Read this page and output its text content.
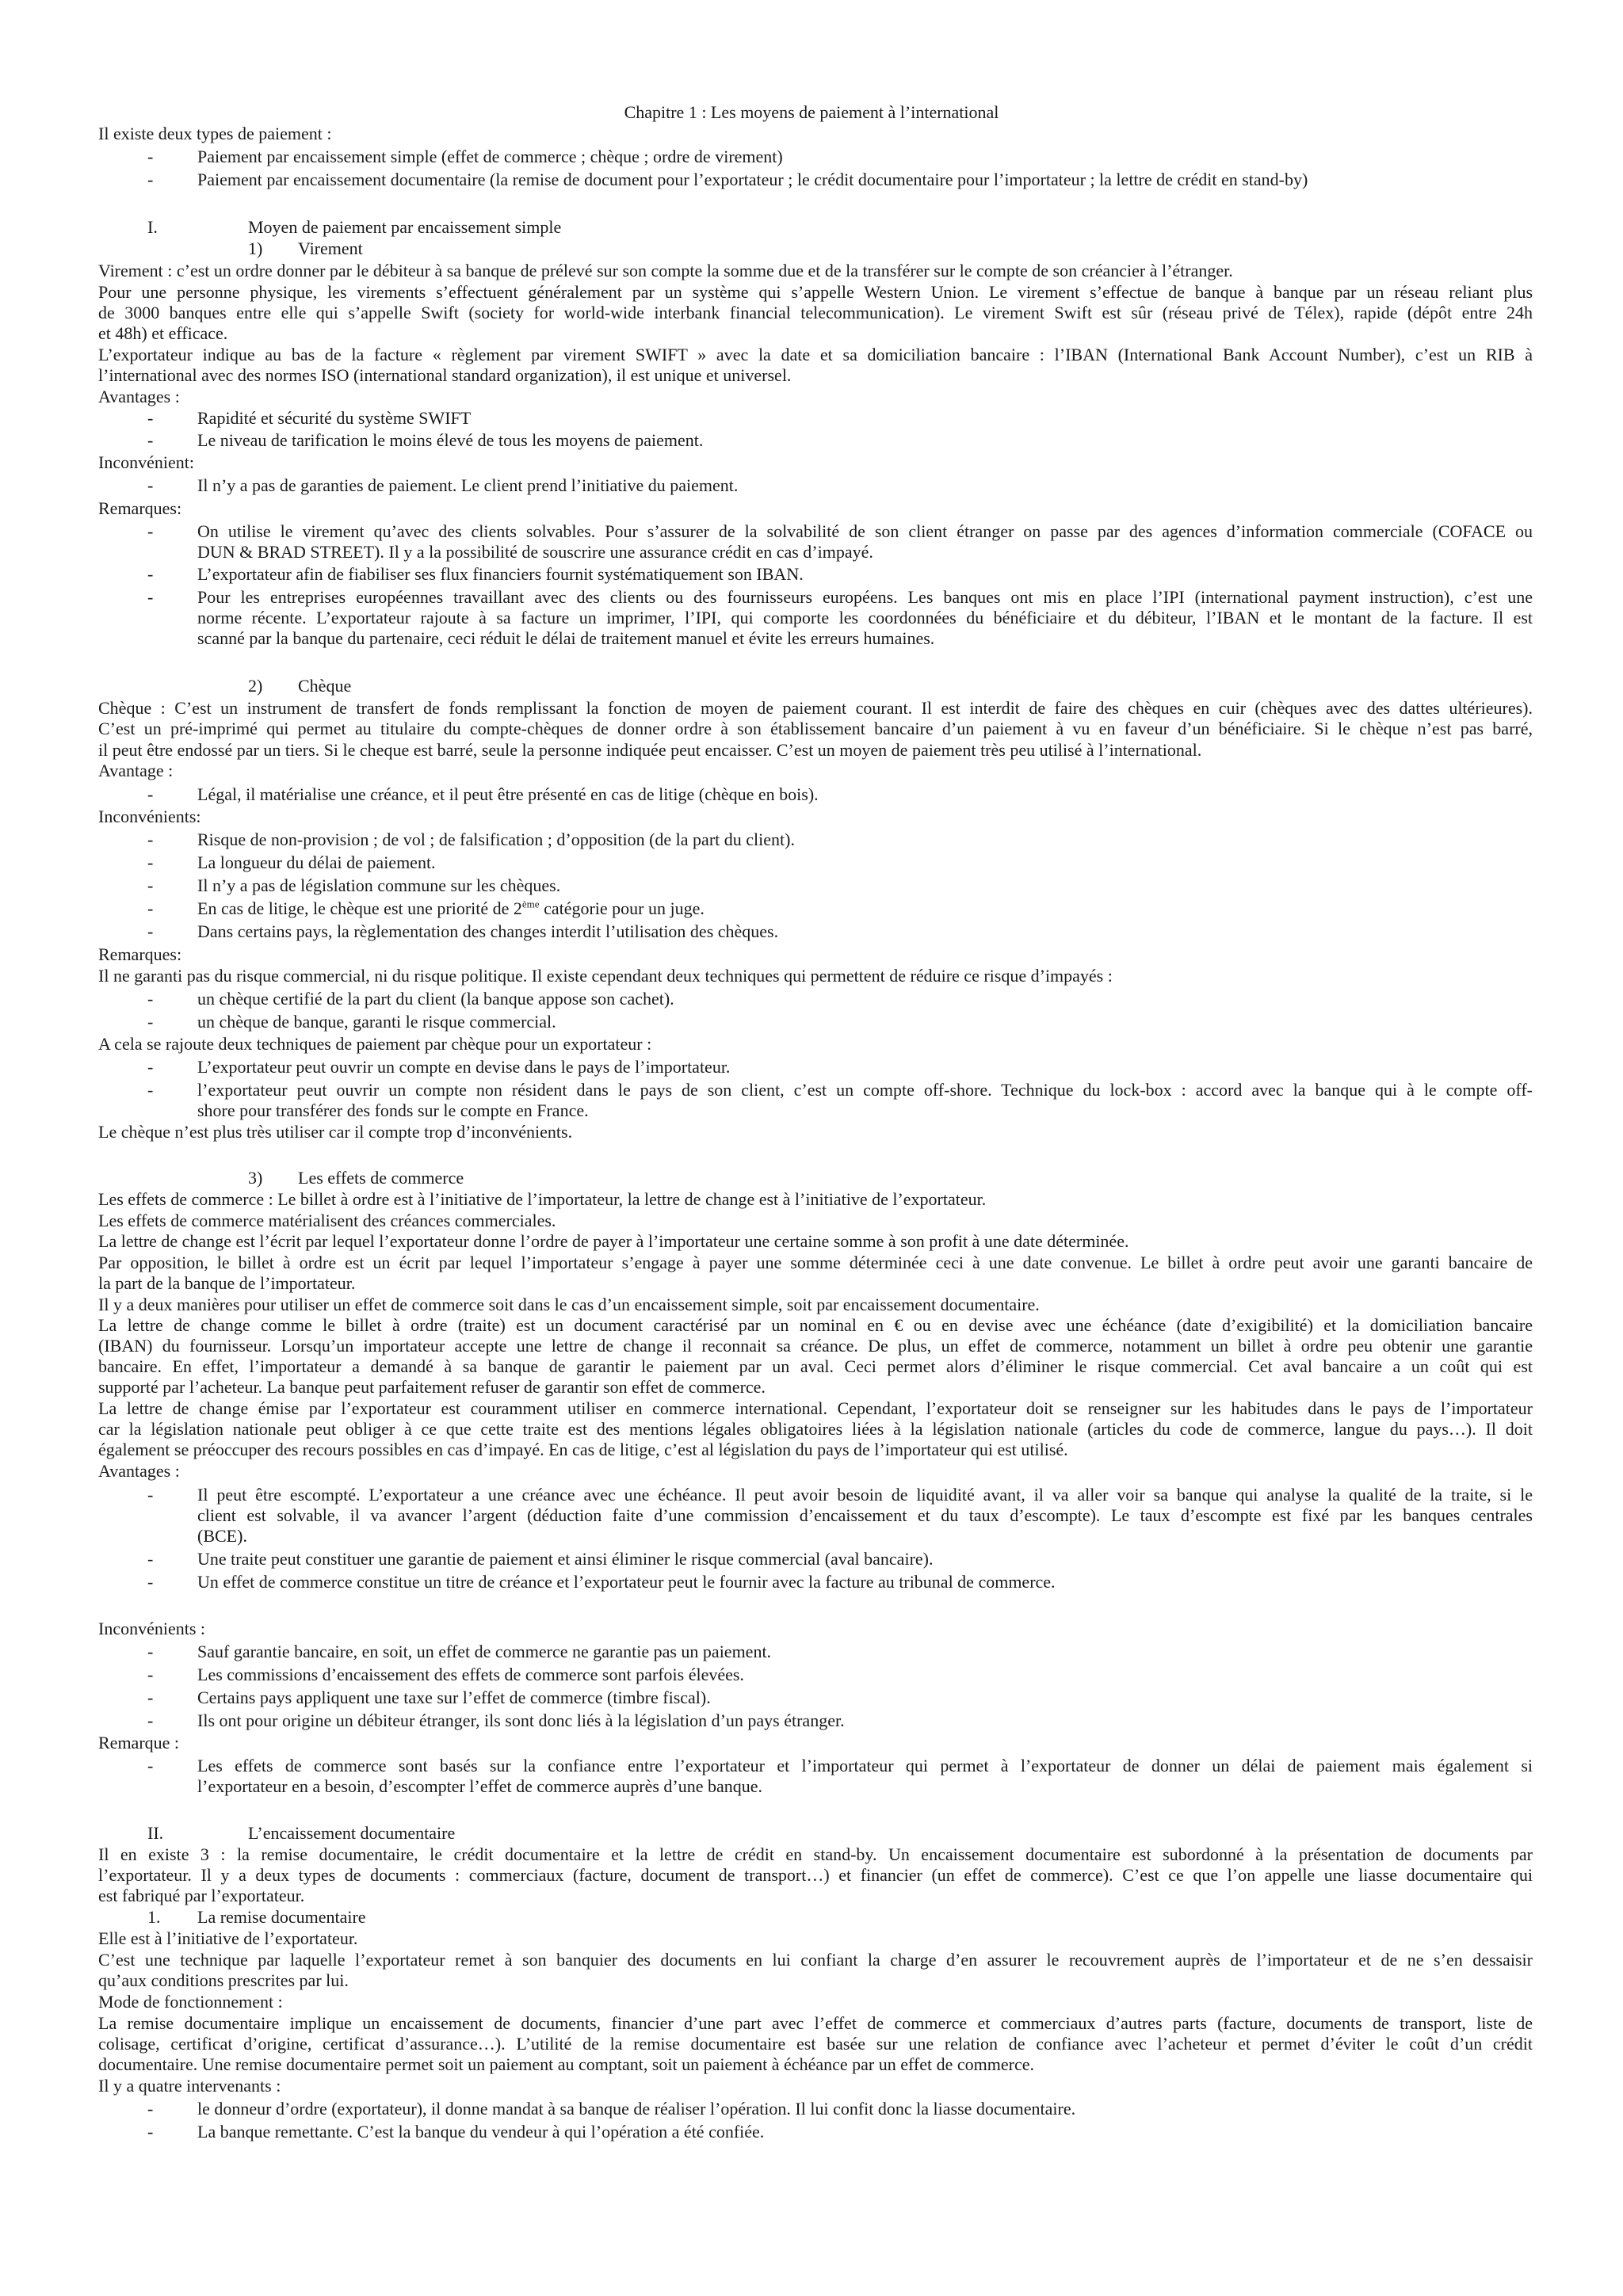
Chapitre 1 : Les moyens de paiement à l’international
Il existe deux types de paiement :
-	Paiement par encaissement simple (effet de commerce ; chèque ; ordre de virement)
-	Paiement par encaissement documentaire (la remise de document pour l’exportateur ; le crédit documentaire pour l’importateur ; la lettre de crédit en stand-by)
I.	Moyen de paiement par encaissement simple
1) Virement
Virement : c’est un ordre donner par le débiteur à sa banque de prélevé sur son compte la somme due et de la transférer sur le compte de son créancier à l’étranger.
Pour une personne physique, les virements s’effectuent généralement par un système qui s’appelle Western Union. Le virement s’effectue de banque à banque par un réseau reliant plus
de 3000 banques entre elle qui s’appelle Swift (society for world-wide interbank financial telecommunication). Le virement Swift est sûr (réseau privé de Télex), rapide (dépôt entre 24h
et 48h) et efficace.
L’exportateur indique au bas de la facture « règlement par virement SWIFT » avec la date et sa domiciliation bancaire : l’IBAN (International Bank Account Number), c’est un RIB à
l’international avec des normes ISO (international standard organization), il est unique et universel.
Avantages :
-	Rapidité et sécurité du système SWIFT
-	Le niveau de tarification le moins élevé de tous les moyens de paiement.
Inconvénient:
-	Il n’y a pas de garanties de paiement. Le client prend l’initiative du paiement.
Remarques:
-	On utilise le virement qu’avec des clients solvables. Pour s’assurer de la solvabilité de son client étranger on passe par des agences d’information commerciale (COFACE ou
DUN & BRAD STREET). Il y a la possibilité de souscrire une assurance crédit en cas d’impayé.
-	L’exportateur afin de fiabiliser ses flux financiers fournit systématiquement son IBAN.
-	Pour les entreprises européennes travaillant avec des clients ou des fournisseurs européens. Les banques ont mis en place l’IPI (international payment instruction), c’est une
norme récente. L’exportateur rajoute à sa facture un imprimer, l’IPI, qui comporte les coordonnées du bénéficiaire et du débiteur, l’IBAN et le montant de la facture. Il est
scanné par la banque du partenaire, ceci réduit le délai de traitement manuel et évite les erreurs humaines.
2) Chèque
Chèque : C’est un instrument de transfert de fonds remplissant la fonction de moyen de paiement courant. Il est interdit de faire des chèques en cuir (chèques avec des dattes ultérieures).
C’est un pré-imprimé qui permet au titulaire du compte-chèques de donner ordre à son établissement bancaire d’un paiement à vu en faveur d’un bénéficiaire. Si le chèque n’est pas barré,
il peut être endossé par un tiers. Si le cheque est barré, seule la personne indiquée peut encaisser. C’est un moyen de paiement très peu utilisé à l’international.
Avantage :
-	Légal, il matérialise une créance, et il peut être présenté en cas de litige (chèque en bois).
Inconvénients:
-	Risque de non-provision ; de vol ; de falsification ; d’opposition (de la part du client).
-	La longueur du délai de paiement.
-	Il n’y a pas de législation commune sur les chèques.
-	En cas de litige, le chèque est une priorité de 2ème catégorie pour un juge.
-	Dans certains pays, la règlementation des changes interdit l’utilisation des chèques.
Remarques:
Il ne garanti pas du risque commercial, ni du risque politique. Il existe cependant deux techniques qui permettent de réduire ce risque d’impayés :
-	un chèque certifié de la part du client (la banque appose son cachet).
-	un chèque de banque, garanti le risque commercial.
A cela se rajoute deux techniques de paiement par chèque pour un exportateur :
-	L’exportateur peut ouvrir un compte en devise dans le pays de l’importateur.
-	l’exportateur peut ouvrir un compte non résident dans le pays de son client, c’est un compte off-shore. Technique du lock-box : accord avec la banque qui à le compte off-
shore pour transférer des fonds sur le compte en France.
Le chèque n’est plus très utiliser car il compte trop d’inconvénients.
3) Les effets de commerce
Les effets de commerce : Le billet à ordre est à l’initiative de l’importateur, la lettre de change est à l’initiative de l’exportateur.
Les effets de commerce matérialisent des créances commerciales.
La lettre de change est l’écrit par lequel l’exportateur donne l’ordre de payer à l’importateur une certaine somme à son profit à une date déterminée.
Par opposition, le billet à ordre est un écrit par lequel l’importateur s’engage à payer une somme déterminée ceci à une date convenue. Le billet à ordre peut avoir une garanti bancaire de
la part de la banque de l’importateur.
Il y a deux manières pour utiliser un effet de commerce soit dans le cas d’un encaissement simple, soit par encaissement documentaire.
La lettre de change comme le billet à ordre (traite) est un document caractérisé par un nominal en € ou en devise avec une échéance (date d’exigibilité) et la domiciliation bancaire
(IBAN) du fournisseur. Lorsqu’un importateur accepte une lettre de change il reconnait sa créance. De plus, un effet de commerce, notamment un billet à ordre peu obtenir une garantie
bancaire. En effet, l’importateur a demandé à sa banque de garantir le paiement par un aval. Ceci permet alors d’éliminer le risque commercial. Cet aval bancaire a un coût qui est
supporté par l’acheteur. La banque peut parfaitement refuser de garantir son effet de commerce.
La lettre de change émise par l’exportateur est couramment utiliser en commerce international. Cependant, l’exportateur doit se renseigner sur les habitudes dans le pays de l’importateur
car la législation nationale peut obliger à ce que cette traite est des mentions légales obligatoires liées à la législation nationale (articles du code de commerce, langue du pays…). Il doit
également se préoccuper des recours possibles en cas d’impayé. En cas de litige, c’est al législation du pays de l’importateur qui est utilisé.
Avantages :
-	Il peut être escompté. L’exportateur a une créance avec une échéance. Il peut avoir besoin de liquidité avant, il va aller voir sa banque qui analyse la qualité de la traite, si le
client est solvable, il va avancer l’argent (déduction faite d’une commission d’encaissement et du taux d’escompte). Le taux d’escompte est fixé par les banques centrales
(BCE).
-	Une traite peut constituer une garantie de paiement et ainsi éliminer le risque commercial (aval bancaire).
-	Un effet de commerce constitue un titre de créance et l’exportateur peut le fournir avec la facture au tribunal de commerce.
Inconvénients :
-	Sauf garantie bancaire, en soit, un effet de commerce ne garantie pas un paiement.
-	Les commissions d’encaissement des effets de commerce sont parfois élevées.
-	Certains pays appliquent une taxe sur l’effet de commerce (timbre fiscal).
-	Ils ont pour origine un débiteur étranger, ils sont donc liés à la législation d’un pays étranger.
Remarque :
-	Les effets de commerce sont basés sur la confiance entre l’exportateur et l’importateur qui permet à l’exportateur de donner un délai de paiement mais également si
l’exportateur en a besoin, d’escompter l’effet de commerce auprès d’une banque.
II.	L’encaissement documentaire
Il en existe 3 : la remise documentaire, le crédit documentaire et la lettre de crédit en stand-by. Un encaissement documentaire est subordonné à la présentation de documents par
l’exportateur. Il y a deux types de documents : commerciaux (facture, document de transport…) et financier (un effet de commerce). C’est ce que l’on appelle une liasse documentaire qui
est fabriqué par l’exportateur.
1. La remise documentaire
Elle est à l’initiative de l’exportateur.
C’est une technique par laquelle l’exportateur remet à son banquier des documents en lui confiant la charge d’en assurer le recouvrement auprès de l’importateur et de ne s’en dessaisir
qu’aux conditions prescrites par lui.
Mode de fonctionnement :
La remise documentaire implique un encaissement de documents, financier d’une part avec l’effet de commerce et commerciaux d’autres parts (facture, documents de transport, liste de
colisage, certificat d’origine, certificat d’assurance…). L’utilité de la remise documentaire est basée sur une relation de confiance avec l’acheteur et permet d’éviter le coût d’un crédit
documentaire. Une remise documentaire permet soit un paiement au comptant, soit un paiement à échéance par un effet de commerce.
Il y a quatre intervenants :
-	le donneur d’ordre (exportateur), il donne mandat à sa banque de réaliser l’opération. Il lui confit donc la liasse documentaire.
-	La banque remettante. C’est la banque du vendeur à qui l’opération a été confiée.
